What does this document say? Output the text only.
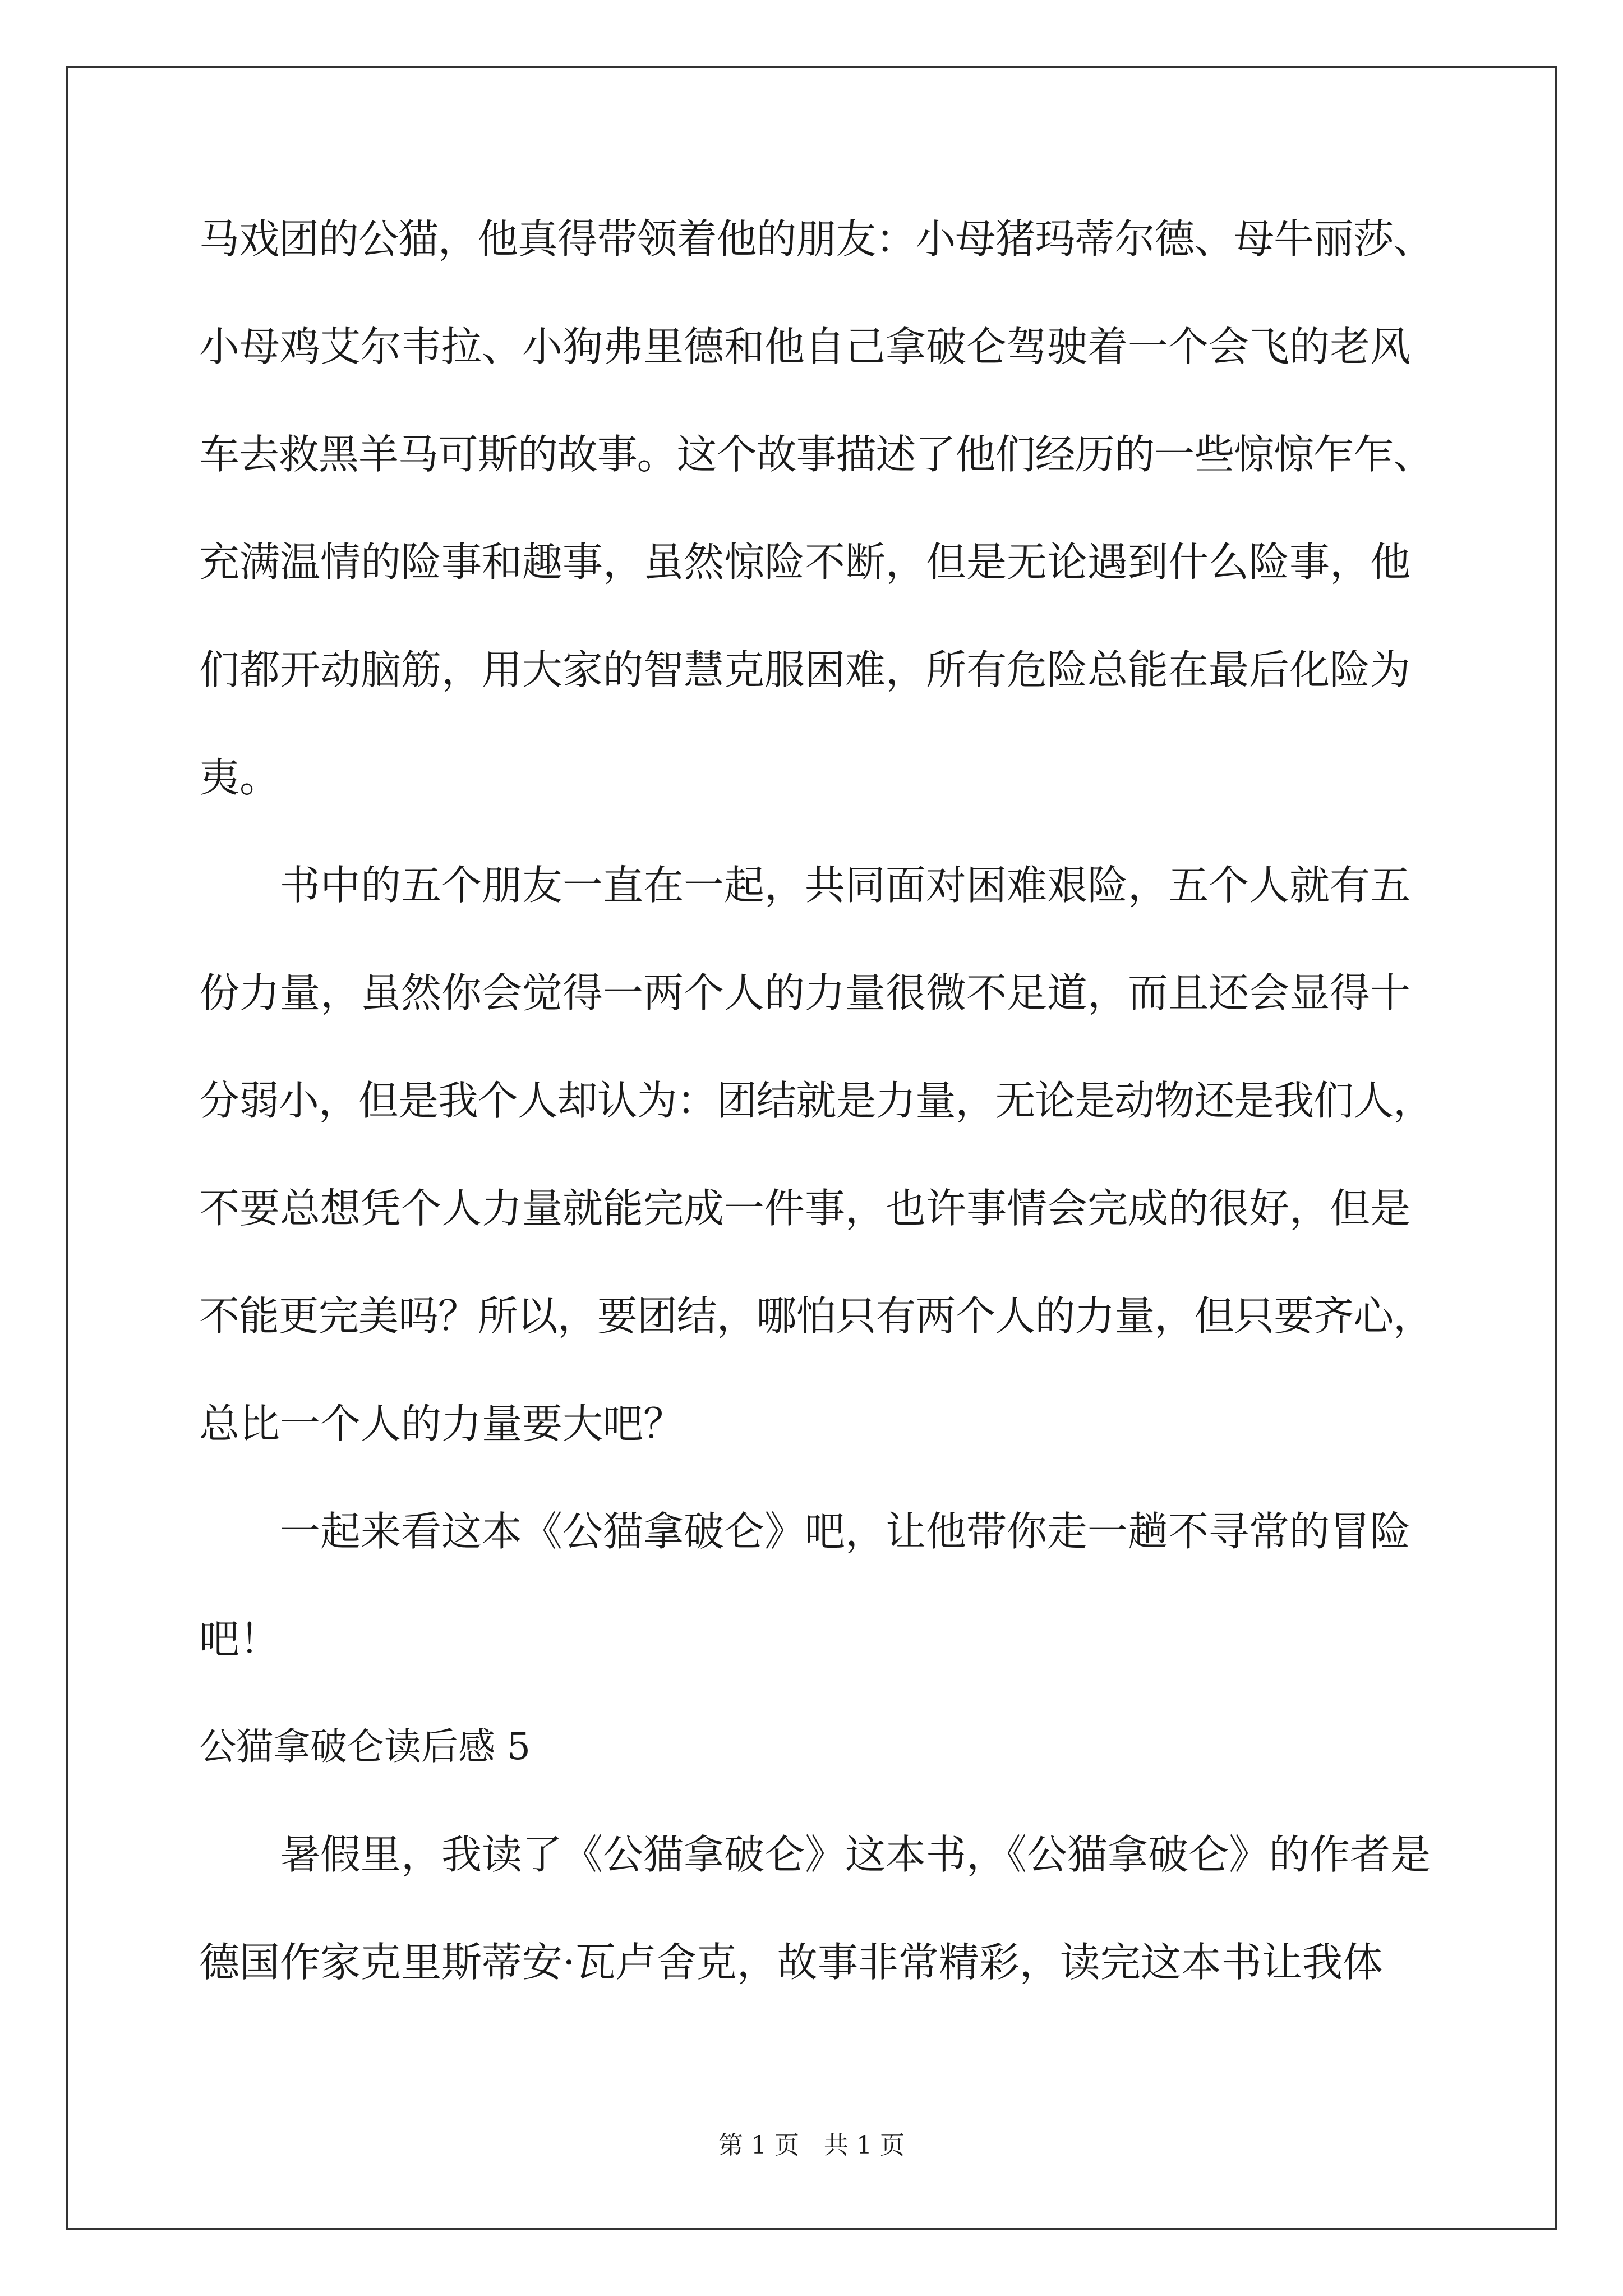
马戏团的公猫，他真得带领着他的朋友：小母猪玛蒂尔德、母牛丽莎、
小母鸡艾尔韦拉、小狗弗里德和他自己拿破仑驾驶着一个会飞的老风
车去救黑羊马可斯的故事。这个故事描述了他们经历的一些惊惊乍乍、
充满温情的险事和趣事，虽然惊险不断，但是无论遇到什么险事，他
们都开动脑筋，用大家的智慧克服困难，所有危险总能在最后化险为
夷。
书中的五个朋友一直在一起，共同面对困难艰险，五个人就有五
份力量，虽然你会觉得一两个人的力量很微不足道，而且还会显得十
分弱小，但是我个人却认为：团结就是力量，无论是动物还是我们人，
不要总想凭个人力量就能完成一件事，也许事情会完成的很好，但是
不能更完美吗？所以，要团结，哪怕只有两个人的力量，但只要齐心，
总比一个人的力量要大吧？
一起来看这本《公猫拿破仑》吧，让他带你走一趟不寻常的冒险
吧！
公猫拿破仑读后感 5
暑假里，我读了《公猫拿破仑》这本书，《公猫拿破仑》的作者是
德国作家克里斯蒂安·瓦卢舍克，故事非常精彩，读完这本书让我体
第 1 页　共 1 页
